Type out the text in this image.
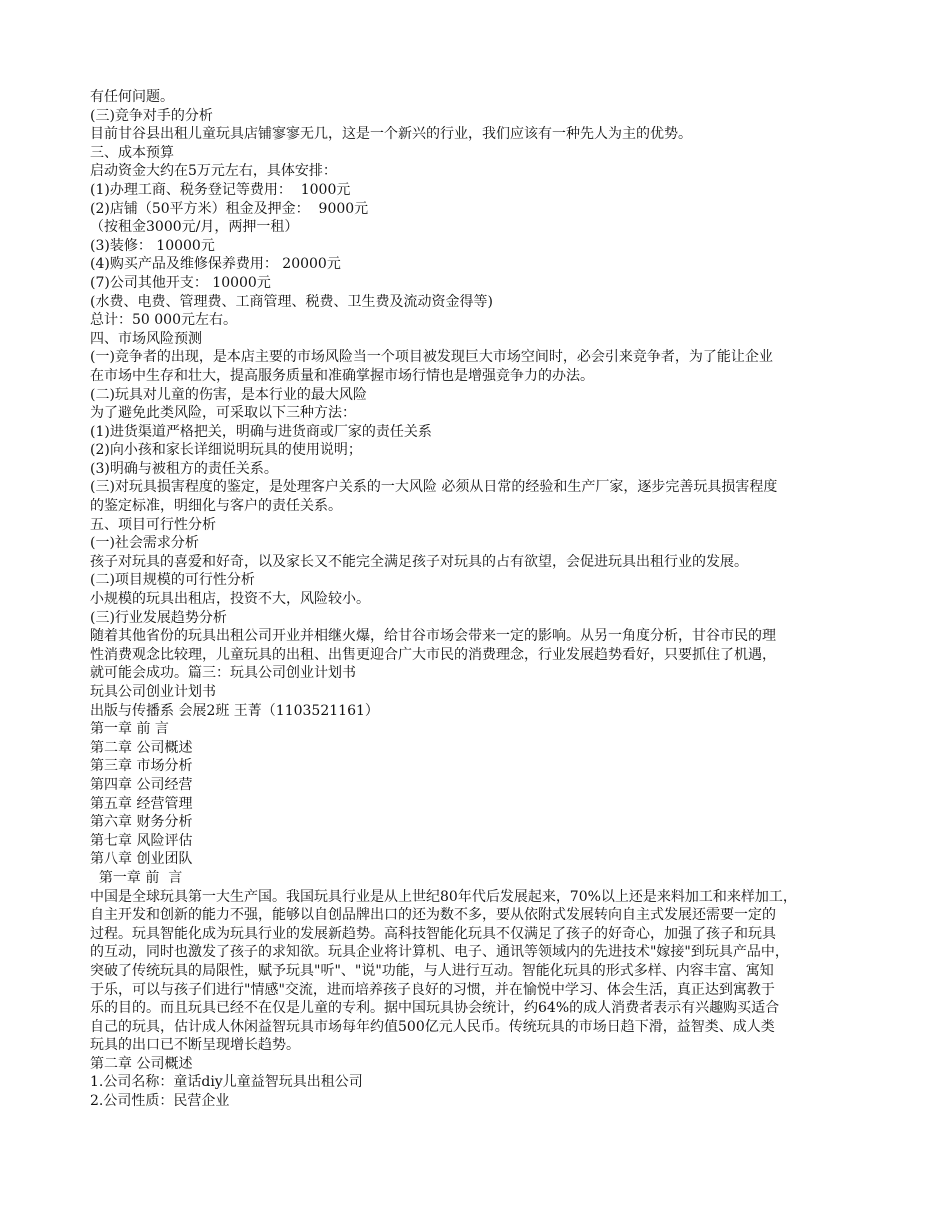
有任何问题。

(三)竞争对手的分析

目前甘谷县出租儿童玩具店铺寥寥无几，这是一个新兴的行业，我们应该有一种先人为主的优势。

三、成本预算

启动资金大约在5万元左右，具体安排：

(1)办理工商、税务登记等费用：  1000元

(2)店铺（50平方米）租金及押金：  9000元

（按租金3000元/月，两押一租）

(3)装修： 10000元

(4)购买产品及维修保养费用： 20000元

(7)公司其他开支： 10000元

(水费、电费、管理费、工商管理、税费、卫生费及流动资金得等)

总计：50 000元左右。

四、市场风险预测

(一)竞争者的出现，是本店主要的市场风险当一个项目被发现巨大市场空间时，必会引来竞争者，为了能让企业

在市场中生存和壮大，提高服务质量和准确掌握市场行情也是增强竞争力的办法。

(二)玩具对儿童的伤害，是本行业的最大风险

为了避免此类风险，可采取以下三种方法：

(1)进货渠道严格把关，明确与进货商或厂家的责任关系

(2)向小孩和家长详细说明玩具的使用说明；

(3)明确与被租方的责任关系。

(三)对玩具损害程度的鉴定，是处理客户关系的一大风险 必须从日常的经验和生产厂家，逐步完善玩具损害程度

的鉴定标准，明细化与客户的责任关系。

五、项目可行性分析

(一)社会需求分析

孩子对玩具的喜爱和好奇，以及家长又不能完全满足孩子对玩具的占有欲望，会促进玩具出租行业的发展。

(二)项目规模的可行性分析

小规模的玩具出租店，投资不大，风险较小。

(三)行业发展趋势分析

随着其他省份的玩具出租公司开业并相继火爆，给甘谷市场会带来一定的影响。从另一角度分析，甘谷市民的理

性消费观念比较理，儿童玩具的出租、出售更迎合广大市民的消费理念，行业发展趋势看好，只要抓住了机遇，

就可能会成功。篇三：玩具公司创业计划书

玩具公司创业计划书

出版与传播系 会展2班 王菁（1103521161）

第一章 前 言

第二章 公司概述

第三章 市场分析

第四章 公司经营

第五章 经营管理

第六章 财务分析

第七章 风险评估

第八章 创业团队

第一章 前  言

中国是全球玩具第一大生产国。我国玩具行业是从上世纪80年代后发展起来，70%以上还是来料加工和来样加工，

自主开发和创新的能力不强，能够以自创品牌出口的还为数不多，要从依附式发展转向自主式发展还需要一定的

过程。玩具智能化成为玩具行业的发展新趋势。高科技智能化玩具不仅满足了孩子的好奇心，加强了孩子和玩具

的互动，同时也激发了孩子的求知欲。玩具企业将计算机、电子、通讯等领域内的先进技术"嫁接"到玩具产品中，

突破了传统玩具的局限性，赋予玩具"听"、"说"功能，与人进行互动。智能化玩具的形式多样、内容丰富、寓知

于乐，可以与孩子们进行"情感"交流，进而培养孩子良好的习惯，并在愉悦中学习、体会生活，真正达到寓教于

乐的目的。而且玩具已经不在仅是儿童的专利。据中国玩具协会统计，约64%的成人消费者表示有兴趣购买适合

自己的玩具，估计成人休闲益智玩具市场每年约值500亿元人民币。传统玩具的市场日趋下滑，益智类、成人类

玩具的出口已不断呈现增长趋势。

第二章 公司概述

1.公司名称：童话diy儿童益智玩具出租公司

2.公司性质：民营企业
